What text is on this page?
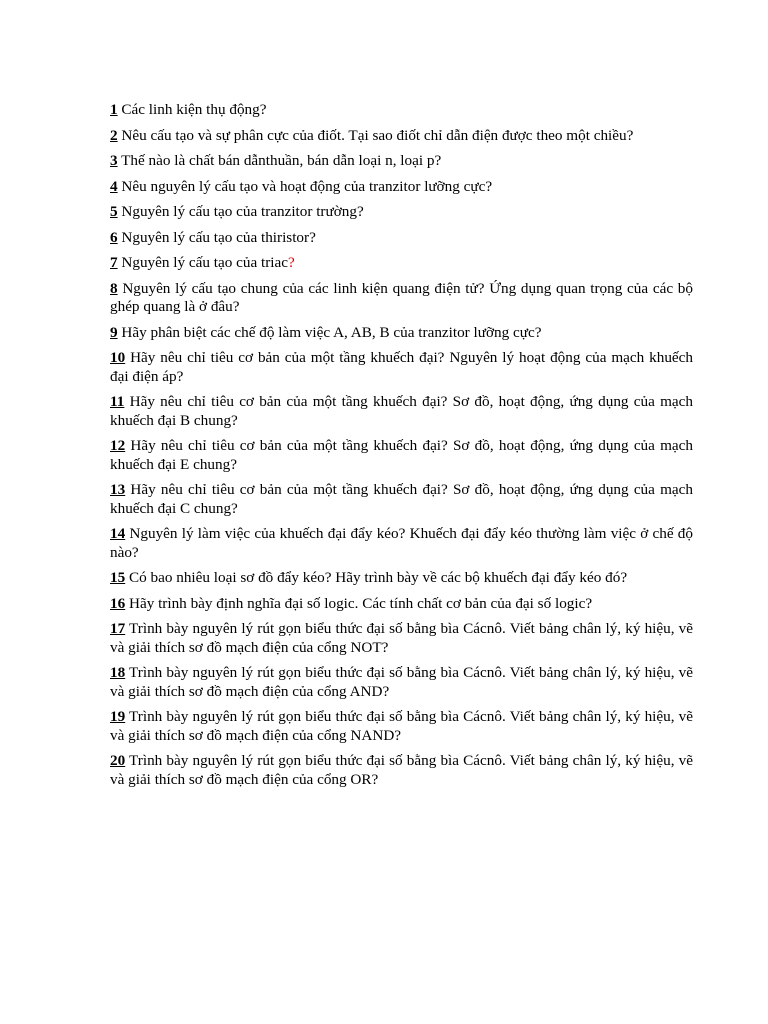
1 Các linh kiện thụ động?
2 Nêu cấu tạo và sự phân cực của điốt. Tại sao điốt chỉ dẫn điện được theo một chiều?
3 Thế nào là chất bán dẫnthuần, bán dẫn loại n, loại p?
4 Nêu nguyên lý cấu tạo và hoạt động của tranzitor lưỡng cực?
5 Nguyên lý cấu tạo của tranzitor trường?
6 Nguyên lý cấu tạo của thiristor?
7 Nguyên lý cấu tạo của triac?
8 Nguyên lý cấu tạo chung của các linh kiện quang điện tử? Ứng dụng quan trọng của các bộ ghép quang là ở đâu?
9 Hãy phân biệt các chế độ làm việc A, AB, B của tranzitor lưỡng cực?
10 Hãy nêu chỉ tiêu cơ bản của một tầng khuếch đại? Nguyên lý hoạt động của mạch khuếch đại điện áp?
11 Hãy nêu chỉ tiêu cơ bản của một tầng khuếch đại? Sơ đồ, hoạt động, ứng dụng của mạch khuếch đại B chung?
12 Hãy nêu chỉ tiêu cơ bản của một tầng khuếch đại? Sơ đồ, hoạt động, ứng dụng của mạch khuếch đại E chung?
13 Hãy nêu chỉ tiêu cơ bản của một tầng khuếch đại? Sơ đồ, hoạt động, ứng dụng của mạch khuếch đại C chung?
14 Nguyên lý làm việc của khuếch đại đẩy kéo? Khuếch đại đẩy kéo thường làm việc ở chế độ nào?
15 Có bao nhiêu loại sơ đồ đẩy kéo? Hãy trình bày về các bộ khuếch đại đẩy kéo đó?
16 Hãy trình bày định nghĩa đại số logic. Các tính chất cơ bản của đại số logic?
17 Trình bày nguyên lý rút gọn biểu thức đại số bằng bìa Cácnô. Viết bảng chân lý, ký hiệu, vẽ và giải thích sơ đồ mạch điện của cổng NOT?
18 Trình bày nguyên lý rút gọn biểu thức đại số bằng bìa Cácnô. Viết bảng chân lý, ký hiệu, vẽ và giải thích sơ đồ mạch điện của cổng AND?
19 Trình bày nguyên lý rút gọn biểu thức đại số bằng bìa Cácnô. Viết bảng chân lý, ký hiệu, vẽ và giải thích sơ đồ mạch điện của cổng NAND?
20 Trình bày nguyên lý rút gọn biểu thức đại số bằng bìa Cácnô. Viết bảng chân lý, ký hiệu, vẽ và giải thích sơ đồ mạch điện của cổng OR?
